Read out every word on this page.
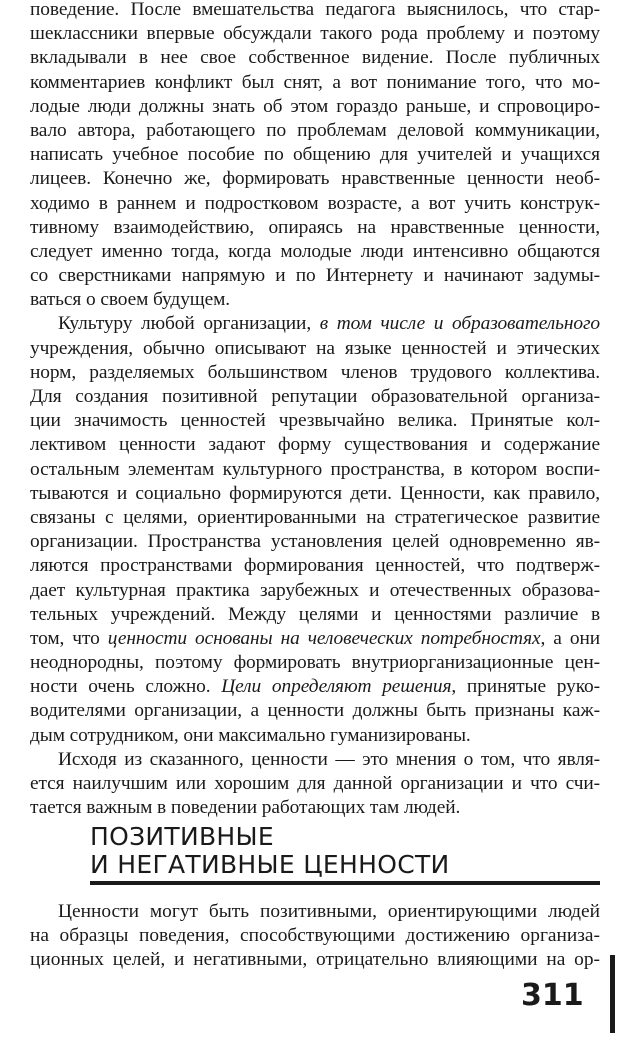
поведение. После вмешательства педагога выяснилось, что стар-
шеклассники впервые обсуждали такого рода проблему и поэтому
вкладывали в нее свое собственное видение. После публичных
комментариев конфликт был снят, а вот понимание того, что мо-
лодые люди должны знать об этом гораздо раньше, и спровоциро-
вало автора, работающего по проблемам деловой коммуникации,
написать учебное пособие по общению для учителей и учащихся
лицеев. Конечно же, формировать нравственные ценности необ-
ходимо в раннем и подростковом возрасте, а вот учить конструк-
тивному взаимодействию, опираясь на нравственные ценности,
следует именно тогда, когда молодые люди интенсивно общаются
со сверстниками напрямую и по Интернету и начинают задумы-
ваться о своем будущем.
Культуру любой организации, в том числе и образовательного
учреждения, обычно описывают на языке ценностей и этических
норм, разделяемых большинством членов трудового коллектива.
Для создания позитивной репутации образовательной организа-
ции значимость ценностей чрезвычайно велика. Принятые кол-
лективом ценности задают форму существования и содержание
остальным элементам культурного пространства, в котором воспи-
тываются и социально формируются дети. Ценности, как правило,
связаны с целями, ориентированными на стратегическое развитие
организации. Пространства установления целей одновременно яв-
ляются пространствами формирования ценностей, что подтверж-
дает культурная практика зарубежных и отечественных образова-
тельных учреждений. Между целями и ценностями различие в
том, что ценности основаны на человеческих потребностях, а они
неоднородны, поэтому формировать внутриорганизационные цен-
ности очень сложно. Цели определяют решения, принятые руко-
водителями организации, а ценности должны быть признаны каж-
дым сотрудником, они максимально гуманизированы.
Исходя из сказанного, ценности — это мнения о том, что явля-
ется наилучшим или хорошим для данной организации и что счи-
тается важным в поведении работающих там людей.
ПОЗИТИВНЫЕ
И НЕГАТИВНЫЕ ЦЕННОСТИ
Ценности могут быть позитивными, ориентирующими людей
на образцы поведения, способствующими достижению организа-
ционных целей, и негативными, отрицательно влияющими на ор-
311
